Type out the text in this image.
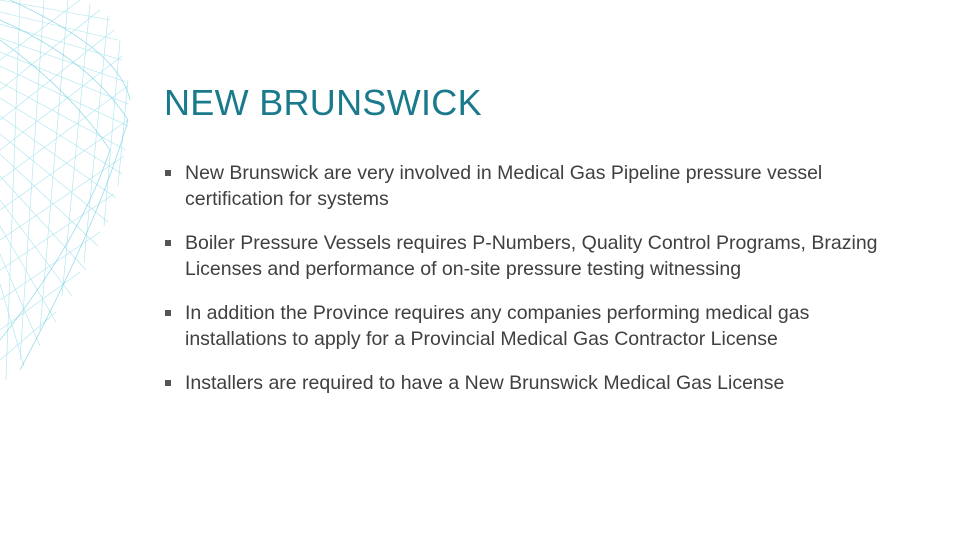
NEW BRUNSWICK
New Brunswick are very involved in Medical Gas Pipeline pressure vessel certification for systems
Boiler Pressure Vessels requires P-Numbers, Quality Control Programs, Brazing Licenses and performance of on-site pressure testing witnessing
In addition the Province requires any companies performing medical gas installations to apply for a Provincial Medical Gas Contractor License
Installers are required to have a New Brunswick Medical Gas License
